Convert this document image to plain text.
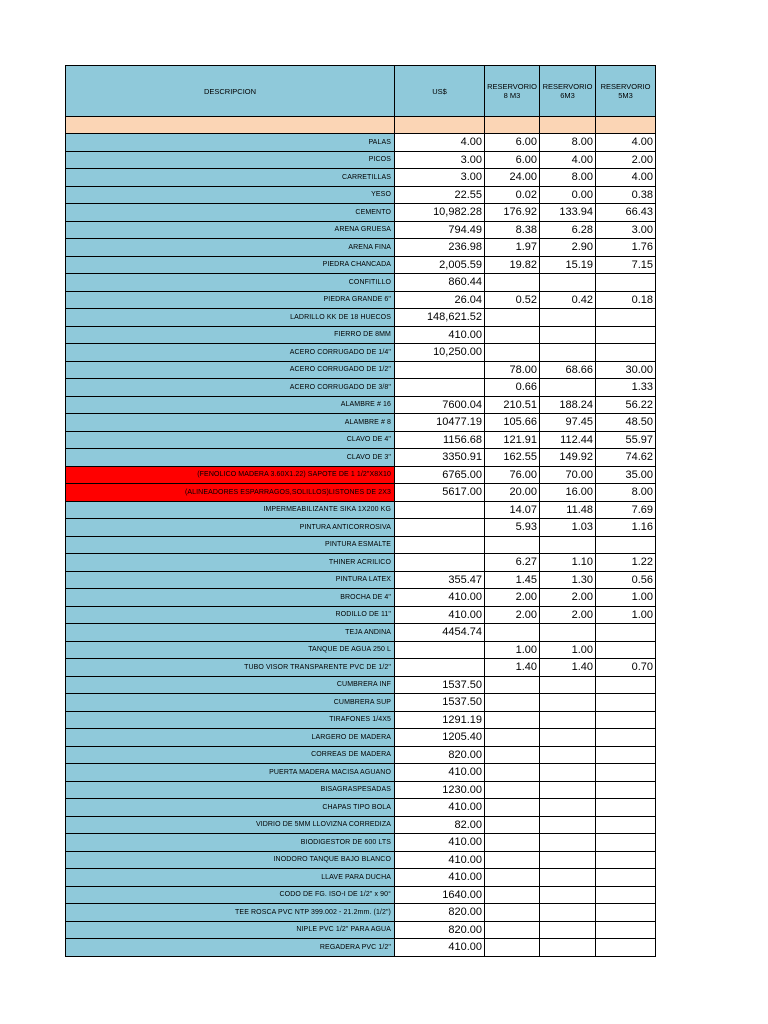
DESCRIPCION	US$	RESERVORIO 8 M3	RESERVORIO 6M3	RESERVORIO 5M3

PALAS	4.00	6.00	8.00	4.00
PICOS	3.00	6.00	4.00	2.00
CARRETILLAS	3.00	24.00	8.00	4.00
YESO	22.55	0.02	0.00	0.38
CEMENTO	10,982.28	176.92	133.94	66.43
ARENA GRUESA	794.49	8.38	6.28	3.00
ARENA FINA	236.98	1.97	2.90	1.76
PIEDRA CHANCADA	2,005.59	19.82	15.19	7.15
CONFITILLO	860.44			
PIEDRA GRANDE 6"	26.04	0.52	0.42	0.18
LADRILLO KK DE 18 HUECOS	148,621.52			
FIERRO DE 8MM	410.00			
ACERO CORRUGADO DE 1/4"	10,250.00			
ACERO CORRUGADO DE 1/2"		78.00	68.66	30.00
ACERO CORRUGADO DE 3/8"		0.66		1.33
ALAMBRE # 16	7600.04	210.51	188.24	56.22
ALAMBRE # 8	10477.19	105.66	97.45	48.50
CLAVO DE 4"	1156.68	121.91	112.44	55.97
CLAVO DE 3"	3350.91	162.55	149.92	74.62
(FENOLICO MADERA 3.60X1.22) SAPOTE DE 1 1/2"X8X10	6765.00	76.00	70.00	35.00
(ALINEADORES ESPARRAGOS,SOLILLOS)LISTONES DE 2X3	5617.00	20.00	16.00	8.00
IMPERMEABILIZANTE SIKA 1X200 KG		14.07	11.48	7.69
PINTURA ANTICORROSIVA		5.93	1.03	1.16
PINTURA ESMALTE				
THINER ACRILICO		6.27	1.10	1.22
PINTURA LATEX	355.47	1.45	1.30	0.56
BROCHA DE 4"	410.00	2.00	2.00	1.00
RODILLO DE 11"	410.00	2.00	2.00	1.00
TEJA ANDINA	4454.74			
TANQUE DE AGUA 250 L		1.00	1.00	
TUBO VISOR TRANSPARENTE PVC DE 1/2"		1.40	1.40	0.70
CUMBRERA INF	1537.50			
CUMBRERA SUP	1537.50			
TIRAFONES 1/4X5	1291.19			
LARGERO DE MADERA	1205.40			
CORREAS DE MADERA	820.00			
PUERTA MADERA MACISA AGUANO	410.00			
BISAGRASPESADAS	1230.00			
CHAPAS TIPO BOLA	410.00			
VIDRIO DE 5MM LLOVIZNA CORREDIZA	82.00			
BIODIGESTOR DE 600 LTS	410.00			
INODORO TANQUE BAJO BLANCO	410.00			
LLAVE PARA DUCHA	410.00			
CODO DE FG. ISO-I DE 1/2" x 90°	1640.00			
TEE ROSCA PVC NTP 399.002 - 21.2mm. (1/2")	820.00			
NIPLE PVC 1/2" PARA AGUA	820.00			
REGADERA PVC 1/2"	410.00			
